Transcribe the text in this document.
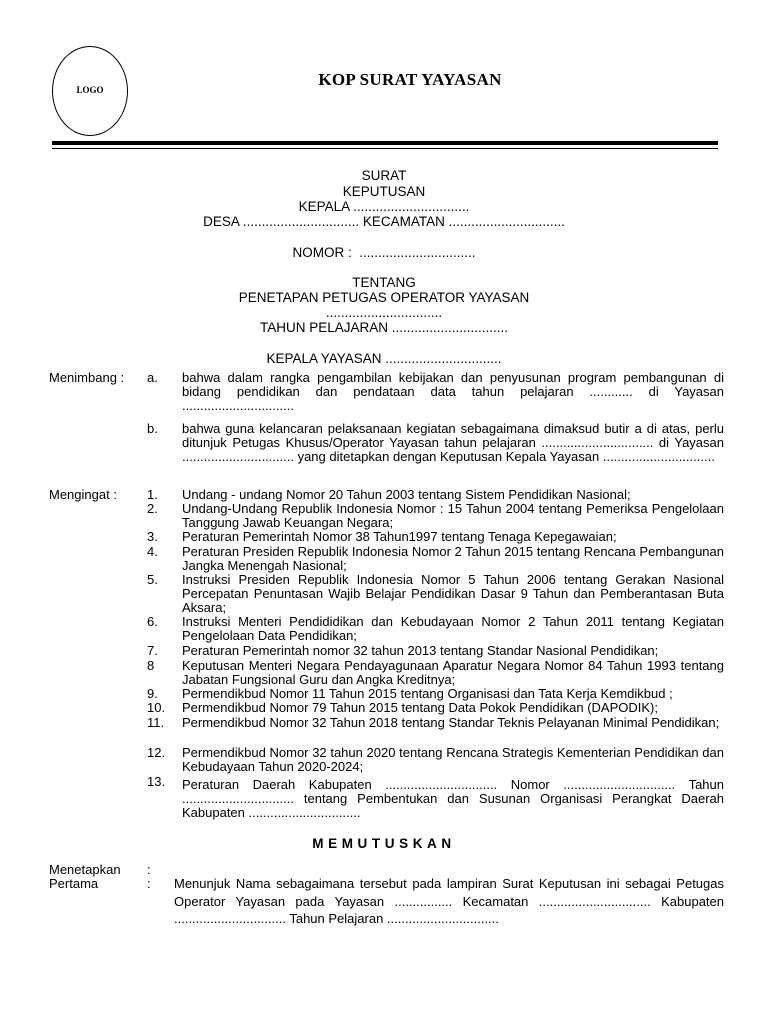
LOGO
KOP SURAT YAYASAN
SURAT
KEPUTUSAN
KEPALA ...............................
DESA ............................... KECAMATAN ...............................
NOMOR :  ...............................
TENTANG
PENETAPAN PETUGAS OPERATOR YAYASAN
...............................
TAHUN PELAJARAN ...............................
KEPALA YAYASAN ...............................
Menimbang : a. bahwa dalam rangka pengambilan kebijakan dan penyusunan program pembangunan di bidang pendidikan dan pendataan data tahun pelajaran ............ di Yayasan ...............................
b. bahwa guna kelancaran pelaksanaan kegiatan sebagaimana dimaksud butir a di atas, perlu ditunjuk Petugas Khusus/Operator Yayasan tahun pelajaran ............................... di Yayasan ............................... yang ditetapkan dengan Keputusan Kepala Yayasan ...............................
Mengingat : 1. Undang - undang Nomor 20 Tahun 2003 tentang Sistem Pendidikan Nasional;
2. Undang-Undang Republik Indonesia Nomor : 15 Tahun 2004 tentang Pemeriksa Pengelolaan Tanggung Jawab Keuangan Negara;
3. Peraturan Pemerintah Nomor 38 Tahun1997 tentang Tenaga Kepegawaian;
4. Peraturan Presiden Republik Indonesia Nomor 2 Tahun 2015 tentang Rencana Pembangunan Jangka Menengah Nasional;
5. Instruksi Presiden Republik Indonesia Nomor 5 Tahun 2006 tentang Gerakan Nasional Percepatan Penuntasan Wajib Belajar Pendidikan Dasar 9 Tahun dan Pemberantasan Buta Aksara;
6. Instruksi Menteri Pendididikan dan Kebudayaan Nomor 2 Tahun 2011 tentang Kegiatan Pengelolaan Data Pendidikan;
7. Peraturan Pemerintah nomor 32 tahun 2013 tentang Standar Nasional Pendidikan;
8 Keputusan Menteri Negara Pendayagunaan Aparatur Negara Nomor 84 Tahun 1993 tentang Jabatan Fungsional Guru dan Angka Kreditnya;
9. Permendikbud Nomor 11 Tahun 2015 tentang Organisasi dan Tata Kerja Kemdikbud ;
10. Permendikbud Nomor 79 Tahun 2015 tentang Data Pokok Pendidikan (DAPODIK);
11. Permendikbud Nomor 32 Tahun 2018 tentang Standar Teknis Pelayanan Minimal Pendidikan;
12. Permendikbud Nomor 32 tahun 2020 tentang Rencana Strategis Kementerian Pendidikan dan Kebudayaan Tahun 2020-2024;
13. Peraturan Daerah Kabupaten ............................... Nomor ............................... Tahun ............................... tentang Pembentukan dan Susunan Organisasi Perangkat Daerah Kabupaten ...............................
MEMUTUSKAN
Menetapkan :
Pertama	: Menunjuk Nama sebagaimana tersebut pada lampiran Surat Keputusan ini sebagai Petugas Operator Yayasan pada Yayasan ................ Kecamatan ............................... Kabupaten ............................... Tahun Pelajaran ...............................
